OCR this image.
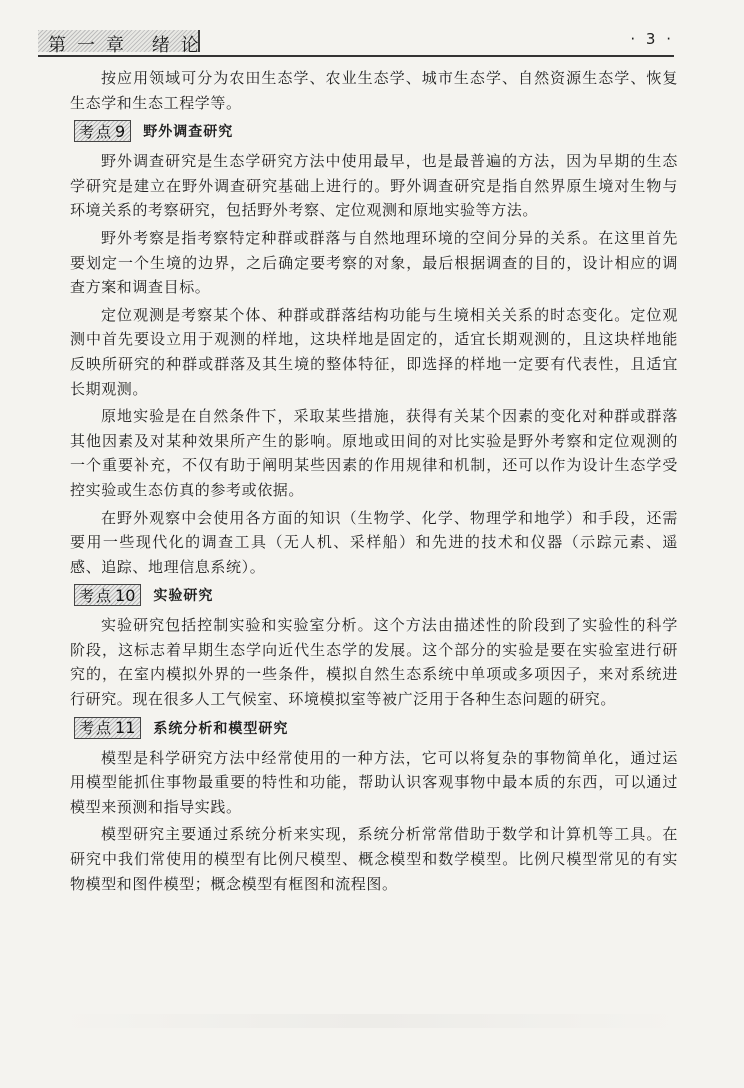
第一章 绪论	· 3 ·

按应用领域可分为农田生态学、农业生态学、城市生态学、自然资源生态学、恢复生态学和生态工程学等。

考点 9 野外调查研究

野外调查研究是生态学研究方法中使用最早，也是最普遍的方法，因为早期的生态学研究是建立在野外调查研究基础上进行的。野外调查研究是指自然界原生境对生物与环境关系的考察研究，包括野外考察、定位观测和原地实验等方法。

野外考察是指考察特定种群或群落与自然地理环境的空间分异的关系。在这里首先要划定一个生境的边界，之后确定要考察的对象，最后根据调查的目的，设计相应的调查方案和调查目标。

定位观测是考察某个体、种群或群落结构功能与生境相关关系的时态变化。定位观测中首先要设立用于观测的样地，这块样地是固定的，适宜长期观测的，且这块样地能反映所研究的种群或群落及其生境的整体特征，即选择的样地一定要有代表性，且适宜长期观测。

原地实验是在自然条件下，采取某些措施，获得有关某个因素的变化对种群或群落其他因素及对某种效果所产生的影响。原地或田间的对比实验是野外考察和定位观测的一个重要补充，不仅有助于阐明某些因素的作用规律和机制，还可以作为设计生态学受控实验或生态仿真的参考或依据。

在野外观察中会使用各方面的知识（生物学、化学、物理学和地学）和手段，还需要用一些现代化的调查工具（无人机、采样船）和先进的技术和仪器（示踪元素、遥感、追踪、地理信息系统）。

考点 10 实验研究

实验研究包括控制实验和实验室分析。这个方法由描述性的阶段到了实验性的科学阶段，这标志着早期生态学向近代生态学的发展。这个部分的实验是要在实验室进行研究的，在室内模拟外界的一些条件，模拟自然生态系统中单项或多项因子，来对系统进行研究。现在很多人工气候室、环境模拟室等被广泛用于各种生态问题的研究。

考点 11 系统分析和模型研究

模型是科学研究方法中经常使用的一种方法，它可以将复杂的事物简单化，通过运用模型能抓住事物最重要的特性和功能，帮助认识客观事物中最本质的东西，可以通过模型来预测和指导实践。

模型研究主要通过系统分析来实现，系统分析常常借助于数学和计算机等工具。在研究中我们常使用的模型有比例尺模型、概念模型和数学模型。比例尺模型常见的有实物模型和图件模型；概念模型有框图和流程图。
